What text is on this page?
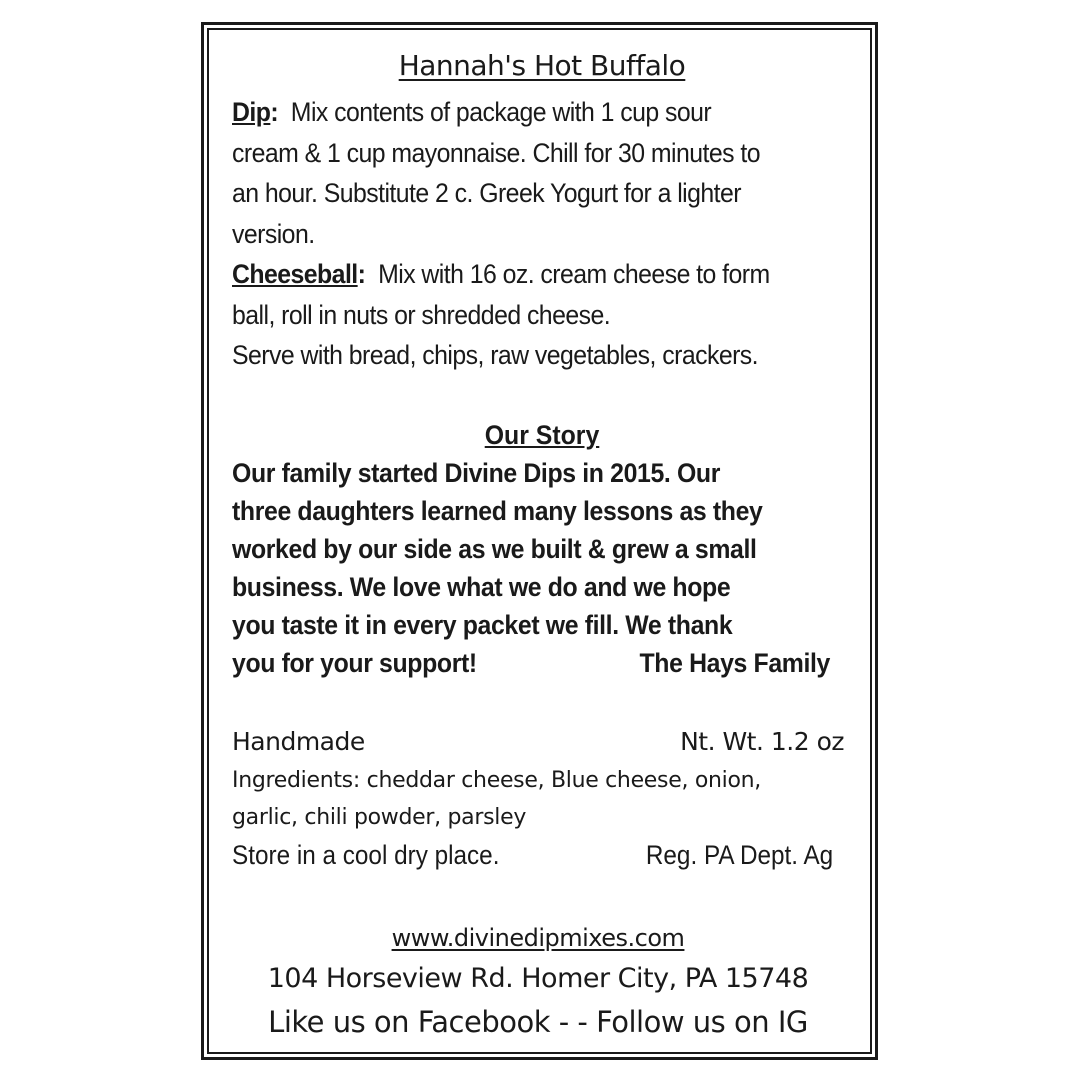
Hannah's Hot Buffalo
Dip: Mix contents of package with 1 cup sour
cream & 1 cup mayonnaise. Chill for 30 minutes to
an hour. Substitute 2 c. Greek Yogurt for a lighter
version.
Cheeseball: Mix with 16 oz. cream cheese to form
ball, roll in nuts or shredded cheese.
Serve with bread, chips, raw vegetables, crackers.
Our Story
Our family started Divine Dips in 2015. Our
three daughters learned many lessons as they
worked by our side as we built & grew a small
business. We love what we do and we hope
you taste it in every packet we fill. We thank
you for your support!	The Hays Family
Handmade	Nt. Wt. 1.2 oz
Ingredients: cheddar cheese, Blue cheese, onion,
garlic, chili powder, parsley
Store in a cool dry place.	Reg. PA Dept. Ag
www.divinedipmixes.com
104 Horseview Rd. Homer City, PA 15748
Like us on Facebook - - Follow us on IG
